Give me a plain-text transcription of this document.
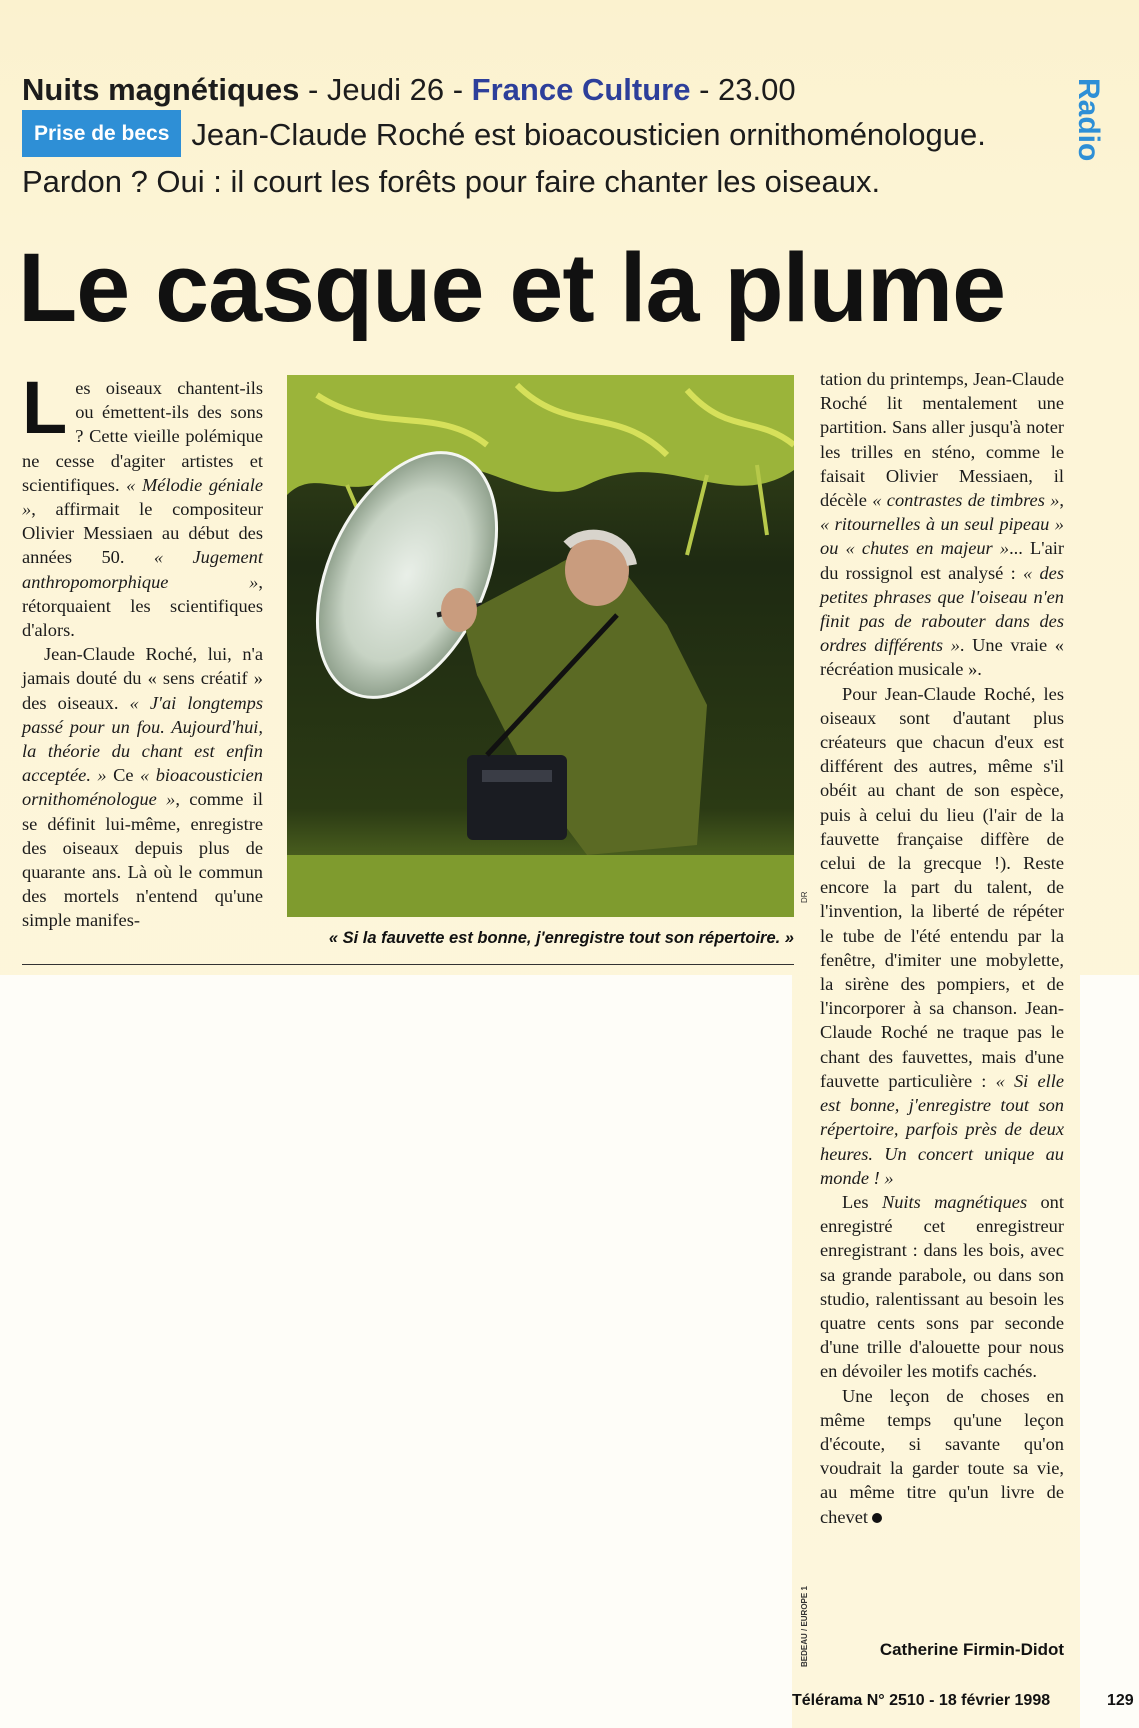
Nuits magnétiques - Jeudi 26 - France Culture - 23.00
Prise de becs Jean-Claude Roché est bioacousticien ornithoménologue.
Pardon ? Oui : il court les forêts pour faire chanter les oiseaux.
Radio
Le casque et la plume

Les oiseaux chantent-ils ou émettent-ils des sons ? Cette vieille polémique ne cesse d'agiter artistes et scientifiques. « Mélodie géniale », affirmait le compositeur Olivier Messiaen au début des années 50. « Jugement anthropomorphique », rétorquaient les scientifiques d'alors.

Jean-Claude Roché, lui, n'a jamais douté du « sens créatif » des oiseaux. « J'ai longtemps passé pour un fou. Aujourd'hui, la théorie du chant est enfin acceptée. » Ce « bioacousticien ornithoménologue », comme il se définit lui-même, enregistre des oiseaux depuis plus de quarante ans. Là où le commun des mortels n'entend qu'une simple manifes-

DR
« Si la fauvette est bonne, j'enregistre tout son répertoire. »

tation du printemps, Jean-Claude Roché lit mentalement une partition. Sans aller jusqu'à noter les trilles en sténo, comme le faisait Olivier Messiaen, il décèle « contrastes de timbres », « ritournelles à un seul pipeau » ou « chutes en majeur »... L'air du rossignol est analysé : « des petites phrases que l'oiseau n'en finit pas de rabouter dans des ordres différents ». Une vraie « récréation musicale ».

Pour Jean-Claude Roché, les oiseaux sont d'autant plus créateurs que chacun d'eux est différent des autres, même s'il obéit au chant de son espèce, puis à celui du lieu (l'air de la fauvette française diffère de celui de la grecque !). Reste encore la part du talent, de l'invention, la liberté de répéter le tube de l'été entendu par la fenêtre, d'imiter une mobylette, la sirène des pompiers, et de l'incorporer à sa chanson. Jean-Claude Roché ne traque pas le chant des fauvettes, mais d'une fauvette particulière : « Si elle est bonne, j'enregistre tout son répertoire, parfois près de deux heures. Un concert unique au monde ! »

Les Nuits magnétiques ont enregistré cet enregistreur enregistrant : dans les bois, avec sa grande parabole, ou dans son studio, ralentissant au besoin les quatre cents sons par seconde d'une trille d'alouette pour nous en dévoiler les motifs cachés.

Une leçon de choses en même temps qu'une leçon d'écoute, si savante qu'on voudrait la garder toute sa vie, au même titre qu'un livre de chevet

BEDEAU / EUROPE 1	Catherine Firmin-Didot
Télérama N° 2510 - 18 février 1998	129
